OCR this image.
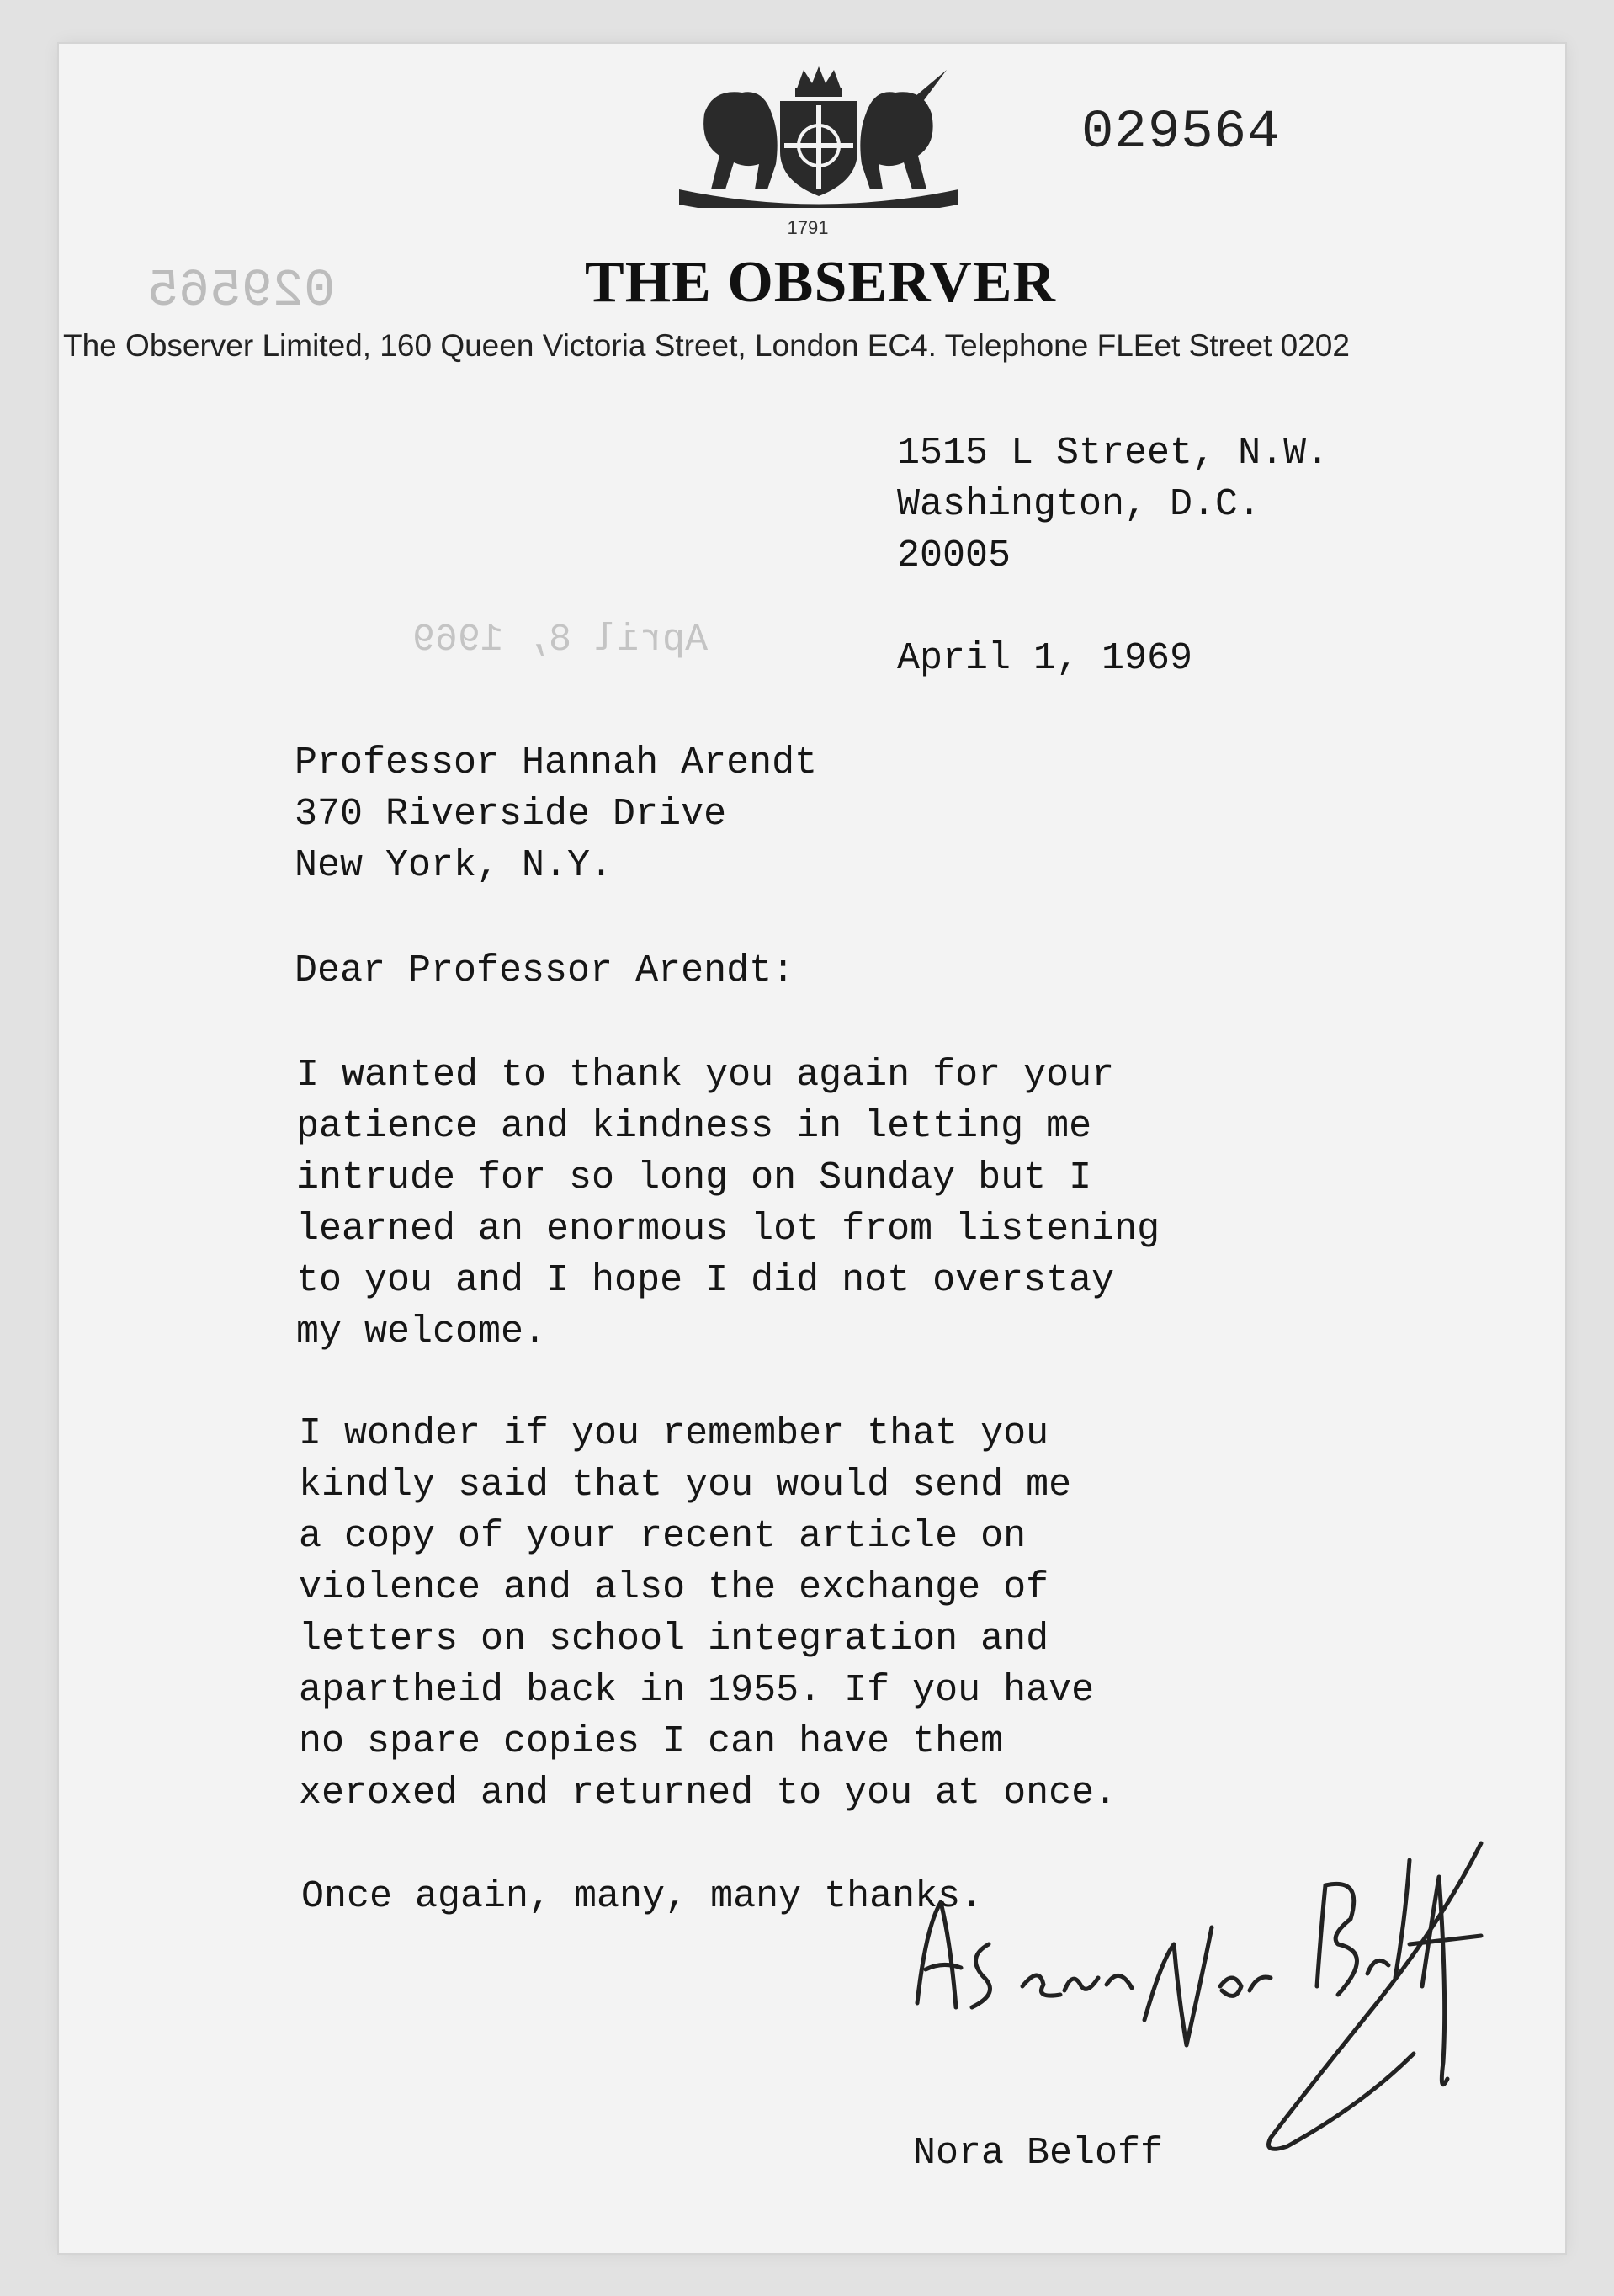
029564
029565
1791
THE OBSERVER
The Observer Limited, 160 Queen Victoria Street, London EC4. Telephone FLEet Street 0202
April 8, 1969
1515 L Street, N.W.
Washington, D.C.
20005
April 1, 1969
Professor Hannah Arendt
370 Riverside Drive
New York, N.Y.
Dear Professor Arendt:
I wanted to thank you again for your
patience and kindness in letting me
intrude for so long on Sunday but I
learned an enormous lot from listening
to you and I hope I did not overstay
my welcome.
I wonder if you remember that you
kindly said that you would send me
a copy of your recent article on
violence and also the exchange of
letters on school integration and
apartheid back in 1955. If you have
no spare copies I can have them
xeroxed and returned to you at once.
Once again, many, many thanks.
Nora Beloff
